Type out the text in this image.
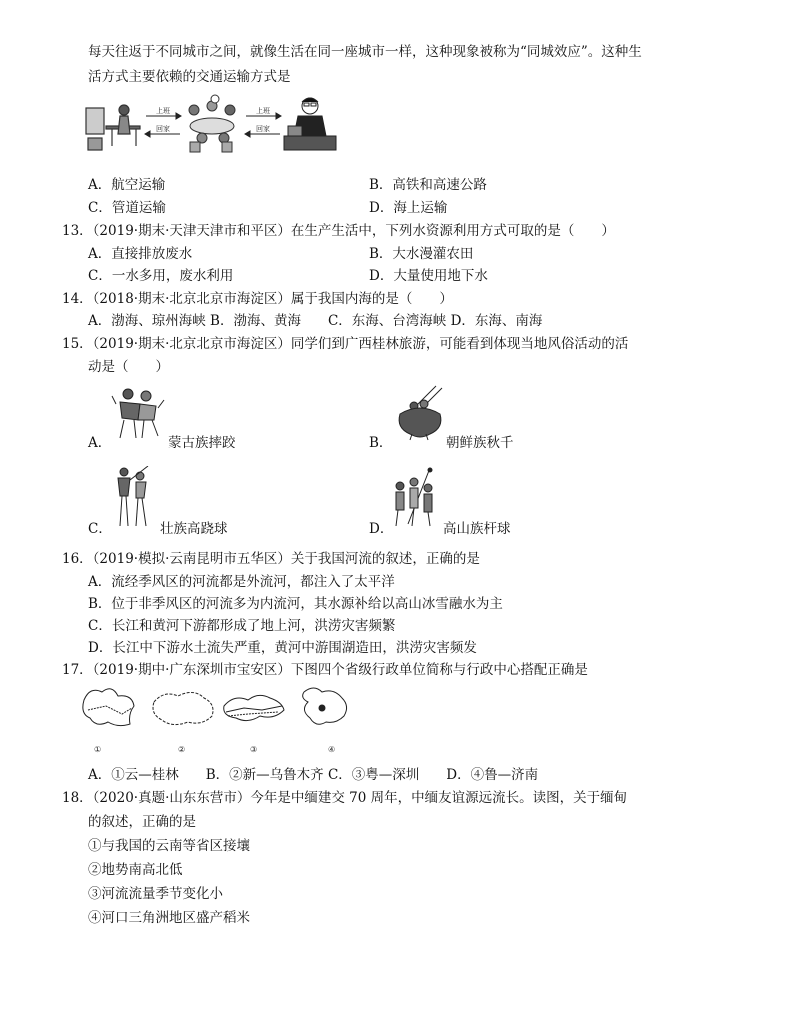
每天往返于不同城市之间，就像生活在同一座城市一样，这种现象被称为“同城效应”。这种生
活方式主要依赖的交通运输方式是
上班
回家
上班
回家
A．航空运输	B．高铁和高速公路
C．管道运输	D．海上运输
13．（2019·期末·天津天津市和平区）在生产生活中，下列水资源利用方式可取的是（　　）
A．直接排放废水	B．大水漫灌农田
C．一水多用，废水利用	D．大量使用地下水
14．（2018·期末·北京北京市海淀区）属于我国内海的是（　　）
A．渤海、琼州海峡 B．渤海、黄海　　C．东海、台湾海峡 D．东海、南海
15．（2019·期末·北京北京市海淀区）同学们到广西桂林旅游，可能看到体现当地风俗活动的活
动是（　　）
A．	蒙古族摔跤	B．	朝鲜族秋千
C．	壮族高跷球	D．	高山族杆球
16．（2019·模拟·云南昆明市五华区）关于我国河流的叙述，正确的是
A．流经季风区的河流都是外流河，都注入了太平洋
B．位于非季风区的河流多为内流河，其水源补给以高山冰雪融水为主
C．长江和黄河下游都形成了地上河，洪涝灾害频繁
D．长江中下游水土流失严重，黄河中游围湖造田，洪涝灾害频发
17．（2019·期中·广东深圳市宝安区）下图四个省级行政单位简称与行政中心搭配正确是
①	②	③	④
A．①云—桂林　　B．②新—乌鲁木齐 C．③粤—深圳　　D．④鲁—济南
18．（2020·真题·山东东营市）今年是中缅建交 70 周年，中缅友谊源远流长。读图，关于缅甸
的叙述，正确的是
①与我国的云南等省区接壤
②地势南高北低
③河流流量季节变化小
④河口三角洲地区盛产稻米
